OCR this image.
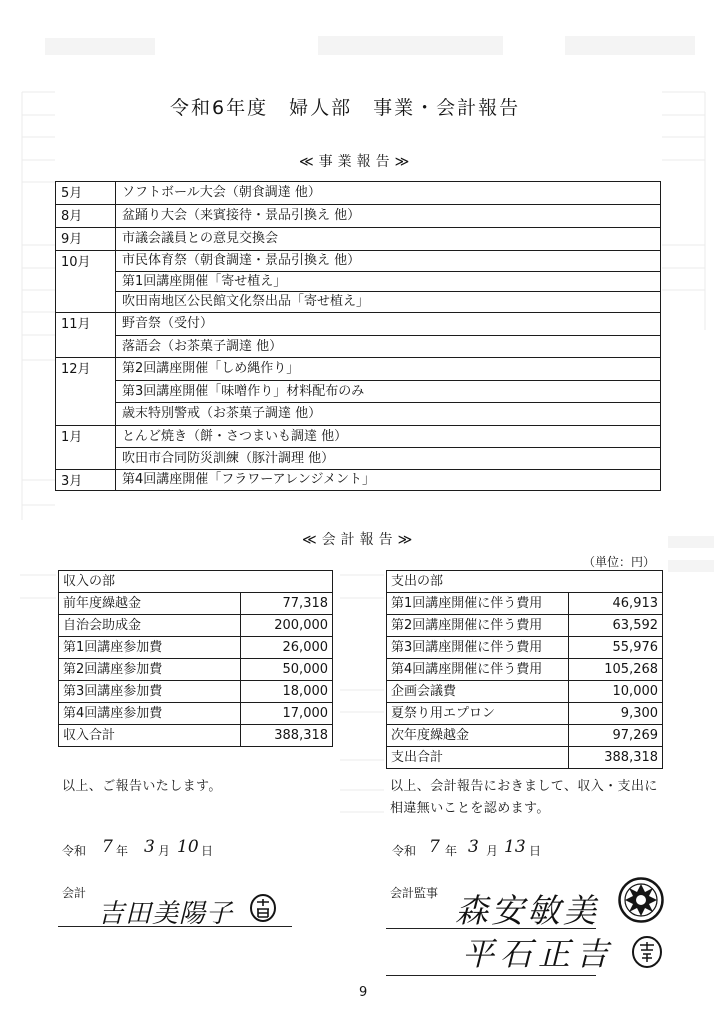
令和6年度　婦人部　事業・会計報告
≪事業報告≫
5月	ソフトボール大会（朝食調達 他）
8月	盆踊り大会（来賓接待・景品引換え 他）
9月	市議会議員との意見交換会
10月	市民体育祭（朝食調達・景品引換え 他）
	第1回講座開催「寄せ植え」
	吹田南地区公民館文化祭出品「寄せ植え」
11月	野音祭（受付）
	落語会（お茶菓子調達 他）
12月	第2回講座開催「しめ縄作り」
	第3回講座開催「味噌作り」材料配布のみ
	歳末特別警戒（お茶菓子調達 他）
1月	とんど焼き（餅・さつまいも調達 他）
	吹田市合同防災訓練（豚汁調理 他）
3月	第4回講座開催「フラワーアレンジメント」
≪会計報告≫
（単位：円）
収入の部	
前年度繰越金	77,318
自治会助成金	200,000
第1回講座参加費	26,000
第2回講座参加費	50,000
第3回講座参加費	18,000
第4回講座参加費	17,000
収入合計	388,318
支出の部	
第1回講座開催に伴う費用	46,913
第2回講座開催に伴う費用	63,592
第3回講座開催に伴う費用	55,976
第4回講座開催に伴う費用	105,268
企画会議費	10,000
夏祭り用エプロン	9,300
次年度繰越金	97,269
支出合計	388,318
以上、ご報告いたします。	以上、会計報告におきまして、収入・支出に
相違無いことを認めます。
令和 7 年 3 月 10 日	令和 7 年 3 月 13 日
会計
吉田美陽子
会計監事 森安敏美
平石正吉
9
